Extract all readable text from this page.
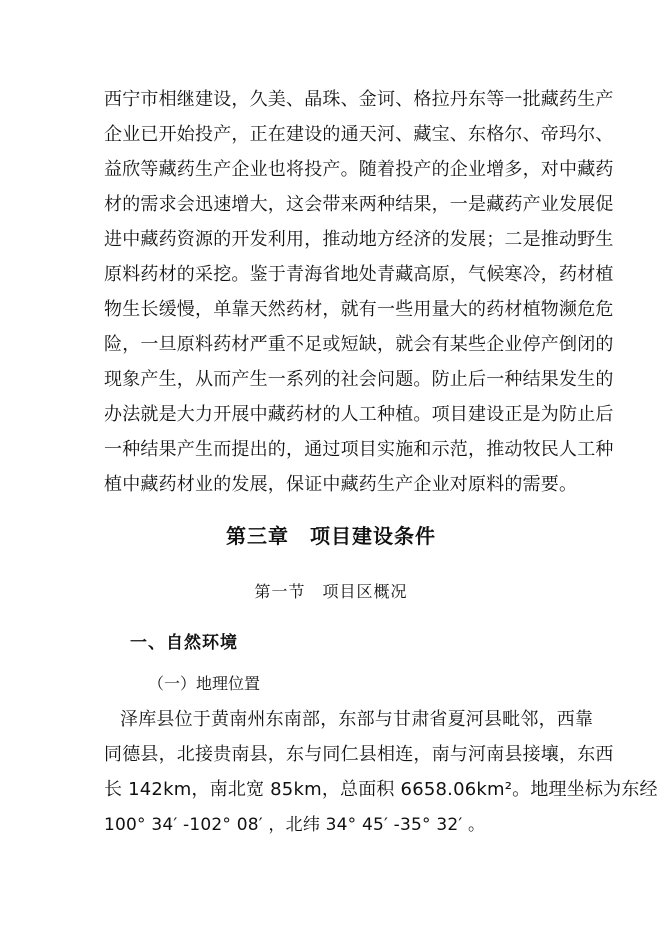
西宁市相继建设，久美、晶珠、金诃、格拉丹东等一批藏药生产
企业已开始投产，正在建设的通天河、藏宝、东格尔、帝玛尔、
益欣等藏药生产企业也将投产。随着投产的企业增多，对中藏药
材的需求会迅速增大，这会带来两种结果，一是藏药产业发展促
进中藏药资源的开发利用，推动地方经济的发展；二是推动野生
原料药材的采挖。鉴于青海省地处青藏高原，气候寒冷，药材植
物生长缓慢，单靠天然药材，就有一些用量大的药材植物濒危危
险，一旦原料药材严重不足或短缺，就会有某些企业停产倒闭的
现象产生，从而产生一系列的社会问题。防止后一种结果发生的
办法就是大力开展中藏药材的人工种植。项目建设正是为防止后
一种结果产生而提出的，通过项目实施和示范，推动牧民人工种
植中藏药材业的发展，保证中藏药生产企业对原料的需要。
第三章　项目建设条件
第一节　项目区概况
一、自然环境
（一）地理位置
泽库县位于黄南州东南部，东部与甘肃省夏河县毗邻，西靠
同德县，北接贵南县，东与同仁县相连，南与河南县接壤，东西
长 142km，南北宽 85km，总面积 6658.06km²。地理坐标为东经
100° 34′ -102° 08′ ，北纬 34° 45′ -35° 32′ 。
